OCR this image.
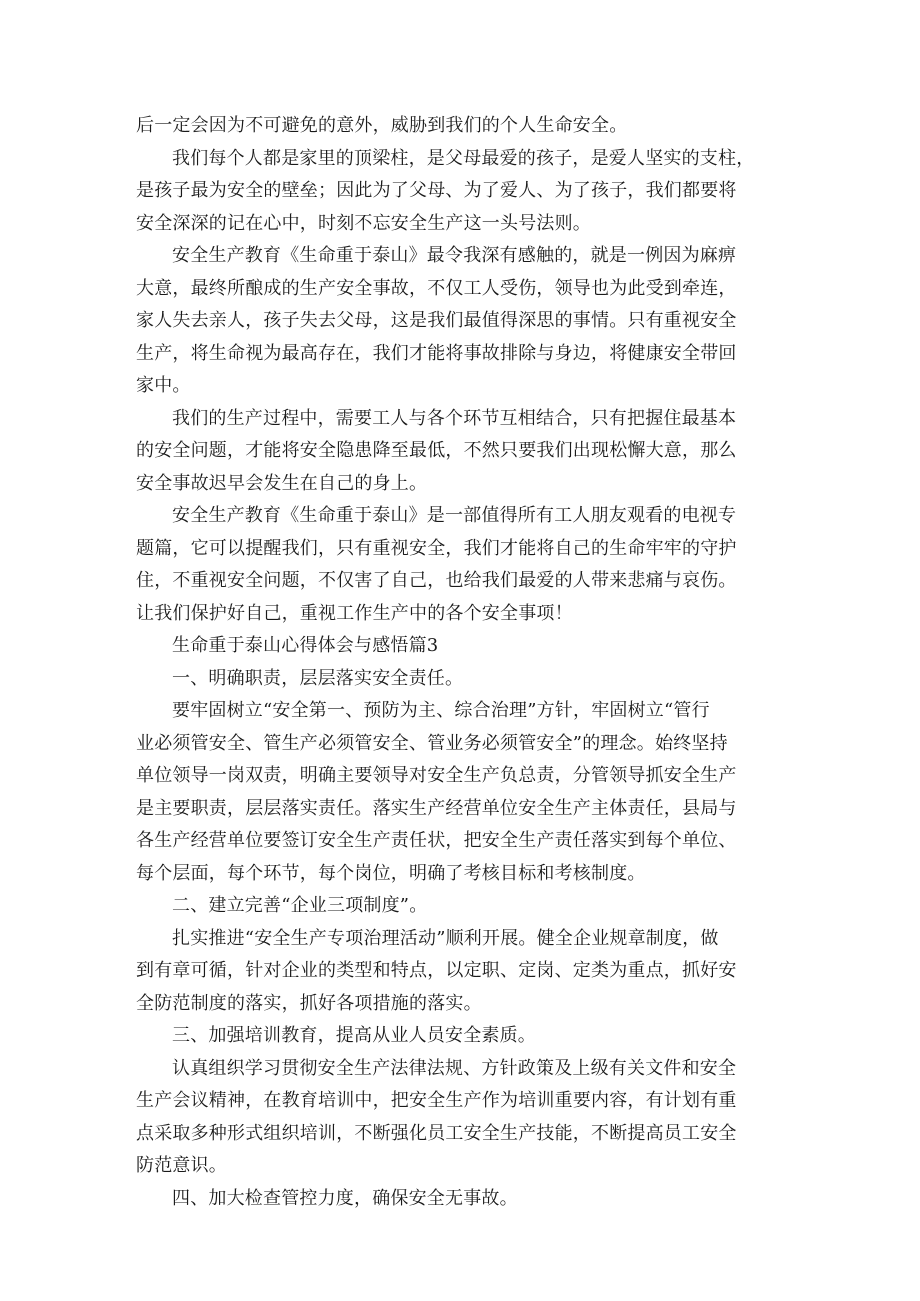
后一定会因为不可避免的意外，威胁到我们的个人生命安全。

我们每个人都是家里的顶梁柱，是父母最爱的孩子，是爱人坚实的支柱，
是孩子最为安全的壁垒；因此为了父母、为了爱人、为了孩子，我们都要将
安全深深的记在心中，时刻不忘安全生产这一头号法则。

安全生产教育《生命重于泰山》最令我深有感触的，就是一例因为麻痹
大意，最终所酿成的生产安全事故，不仅工人受伤，领导也为此受到牵连，
家人失去亲人，孩子失去父母，这是我们最值得深思的事情。只有重视安全
生产，将生命视为最高存在，我们才能将事故排除与身边，将健康安全带回
家中。

我们的生产过程中，需要工人与各个环节互相结合，只有把握住最基本
的安全问题，才能将安全隐患降至最低，不然只要我们出现松懈大意，那么
安全事故迟早会发生在自己的身上。

安全生产教育《生命重于泰山》是一部值得所有工人朋友观看的电视专
题篇，它可以提醒我们，只有重视安全，我们才能将自己的生命牢牢的守护
住，不重视安全问题，不仅害了自己，也给我们最爱的人带来悲痛与哀伤。
让我们保护好自己，重视工作生产中的各个安全事项！

生命重于泰山心得体会与感悟篇3

一、明确职责，层层落实安全责任。

要牢固树立“安全第一、预防为主、综合治理”方针，牢固树立“管行
业必须管安全、管生产必须管安全、管业务必须管安全”的理念。始终坚持
单位领导一岗双责，明确主要领导对安全生产负总责，分管领导抓安全生产
是主要职责，层层落实责任。落实生产经营单位安全生产主体责任，县局与
各生产经营单位要签订安全生产责任状，把安全生产责任落实到每个单位、
每个层面，每个环节，每个岗位，明确了考核目标和考核制度。

二、建立完善“企业三项制度”。

扎实推进“安全生产专项治理活动”顺利开展。健全企业规章制度，做
到有章可循，针对企业的类型和特点，以定职、定岗、定类为重点，抓好安
全防范制度的落实，抓好各项措施的落实。

三、加强培训教育，提高从业人员安全素质。

认真组织学习贯彻安全生产法律法规、方针政策及上级有关文件和安全
生产会议精神，在教育培训中，把安全生产作为培训重要内容，有计划有重
点采取多种形式组织培训，不断强化员工安全生产技能，不断提高员工安全
防范意识。

四、加大检查管控力度，确保安全无事故。
